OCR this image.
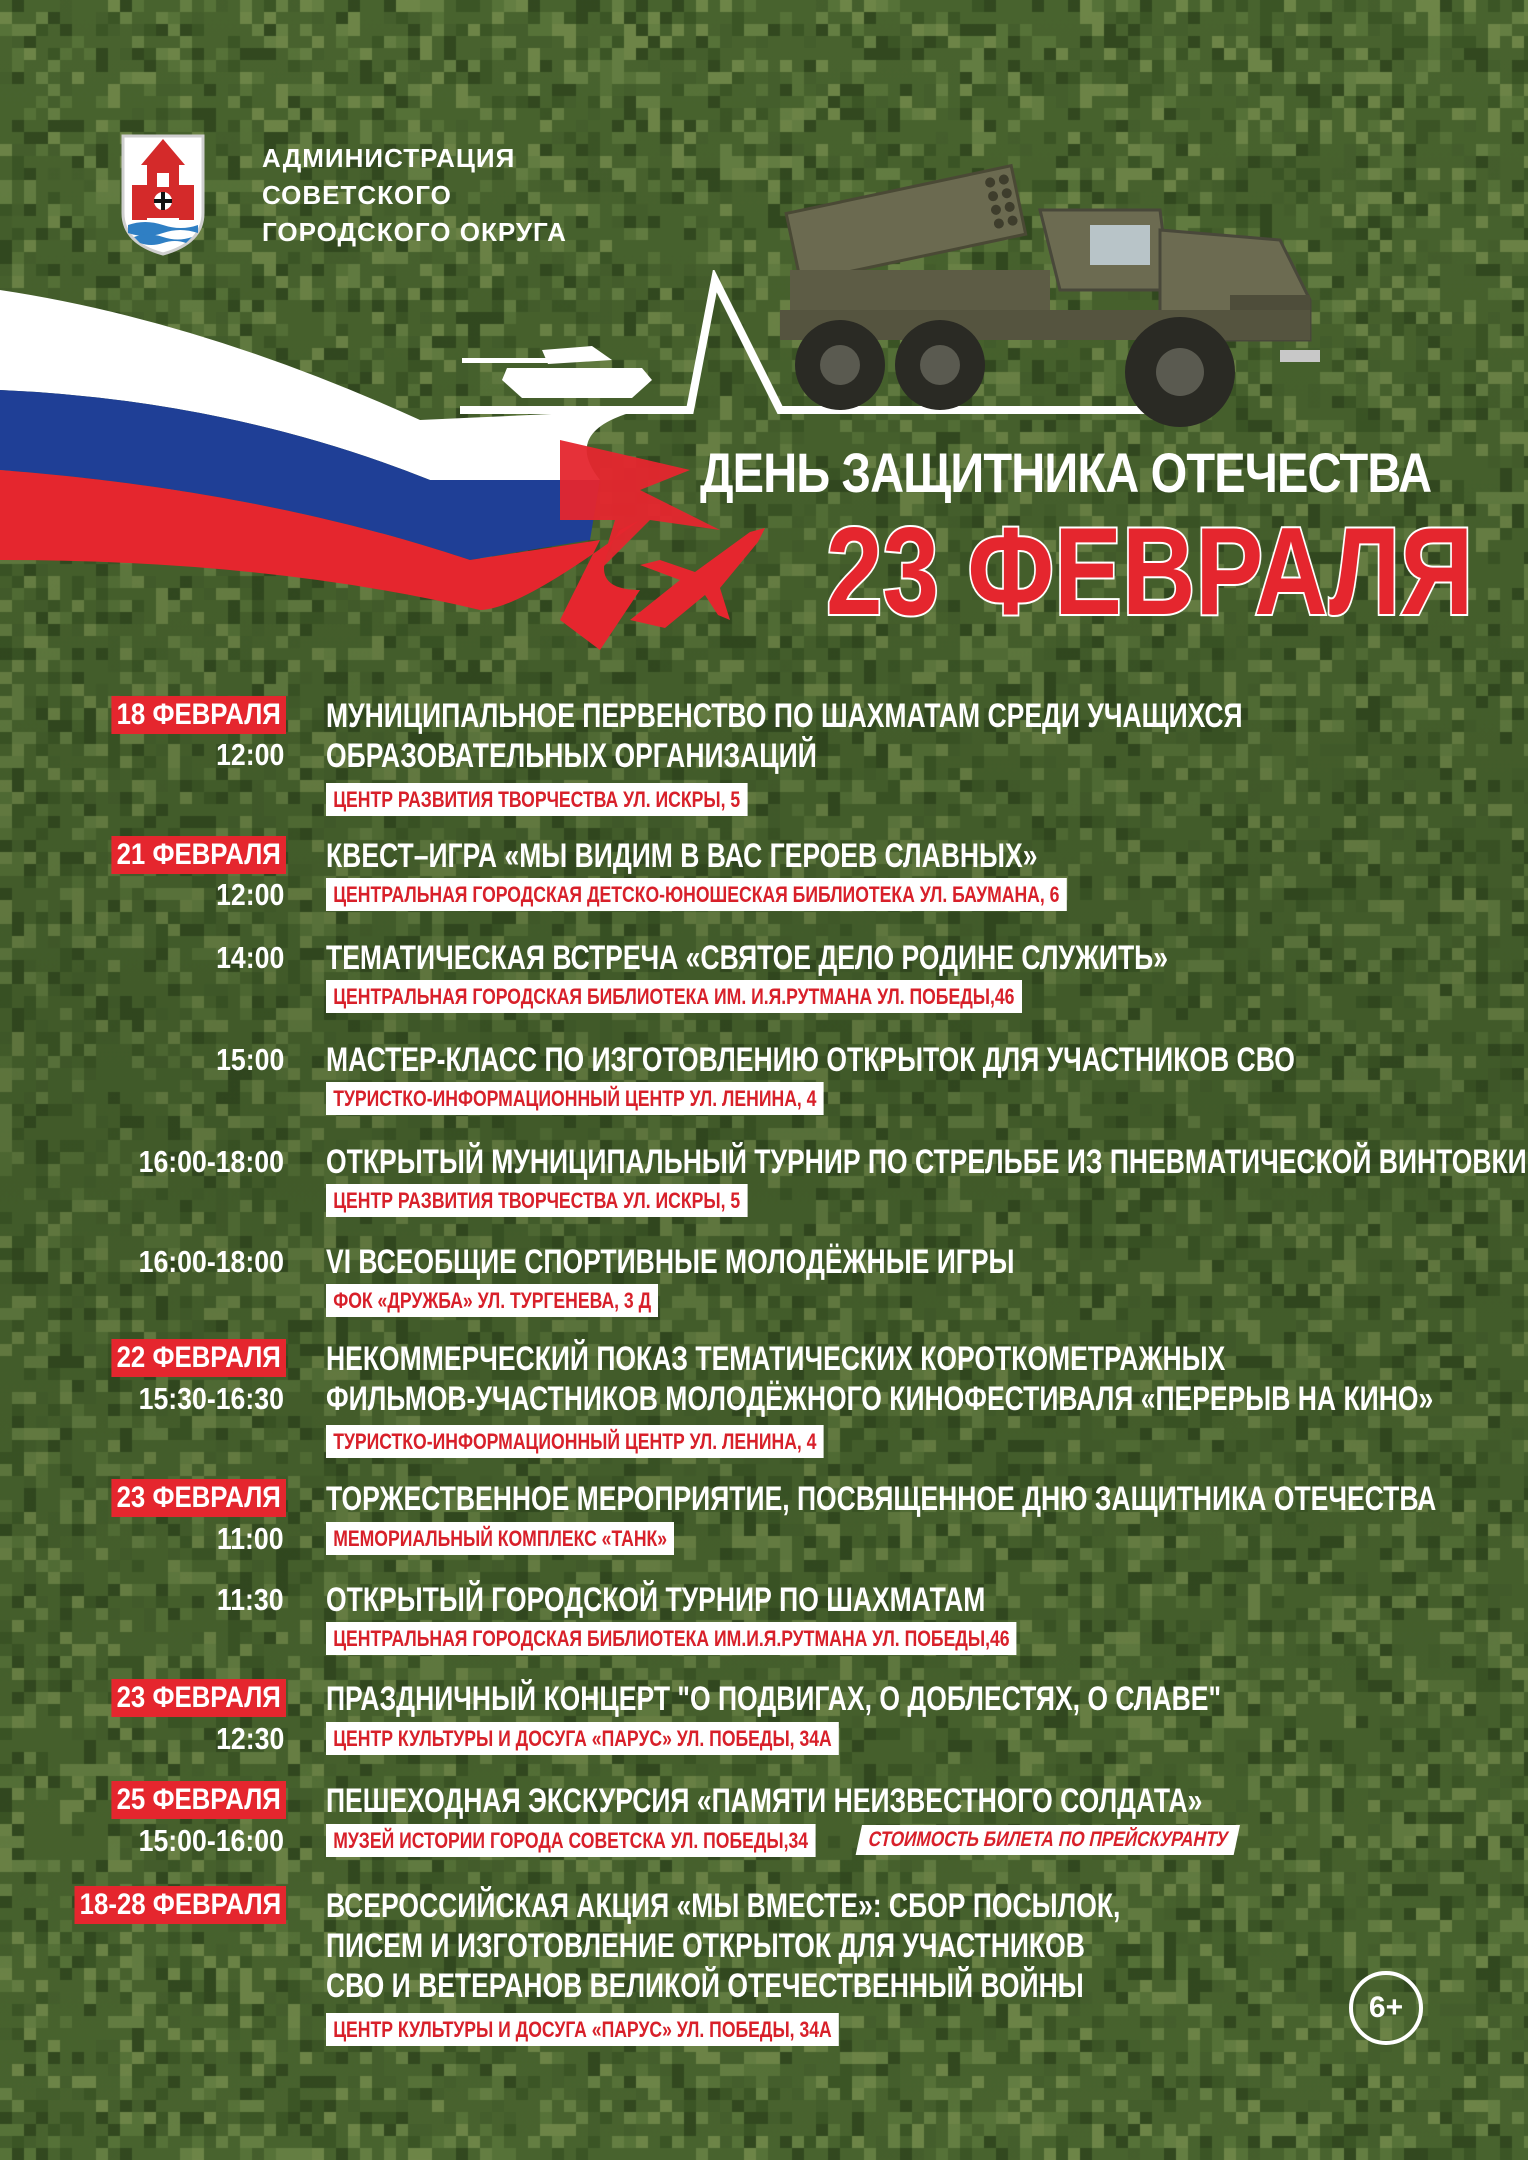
АДМИНИСТРАЦИЯ
СОВЕТСКОГО
ГОРОДСКОГО ОКРУГА
ДЕНЬ ЗАЩИТНИКА ОТЕЧЕСТВА
23 ФЕВРАЛЯ
18 ФЕВРАЛЯ
12:00
МУНИЦИПАЛЬНОЕ ПЕРВЕНСТВО ПО ШАХМАТАМ СРЕДИ УЧАЩИХСЯ
ОБРАЗОВАТЕЛЬНЫХ ОРГАНИЗАЦИЙ
ЦЕНТР РАЗВИТИЯ ТВОРЧЕСТВА УЛ. ИСКРЫ, 5
21 ФЕВРАЛЯ
12:00
КВЕСТ–ИГРА «МЫ ВИДИМ В ВАС ГЕРОЕВ СЛАВНЫХ»
ЦЕНТРАЛЬНАЯ ГОРОДСКАЯ ДЕТСКО-ЮНОШЕСКАЯ БИБЛИОТЕКА УЛ. БАУМАНА, 6
14:00 ТЕМАТИЧЕСКАЯ ВСТРЕЧА «СВЯТОЕ ДЕЛО РОДИНЕ СЛУЖИТЬ»
ЦЕНТРАЛЬНАЯ ГОРОДСКАЯ БИБЛИОТЕКА ИМ. И.Я.РУТМАНА УЛ. ПОБЕДЫ,46
15:00 МАСТЕР-КЛАСС ПО ИЗГОТОВЛЕНИЮ ОТКРЫТОК ДЛЯ УЧАСТНИКОВ СВО
ТУРИСТКО-ИНФОРМАЦИОННЫЙ ЦЕНТР УЛ. ЛЕНИНА, 4
16:00-18:00 ОТКРЫТЫЙ МУНИЦИПАЛЬНЫЙ ТУРНИР ПО СТРЕЛЬБЕ ИЗ ПНЕВМАТИЧЕСКОЙ ВИНТОВКИ
ЦЕНТР РАЗВИТИЯ ТВОРЧЕСТВА УЛ. ИСКРЫ, 5
16:00-18:00 VI ВСЕОБЩИЕ СПОРТИВНЫЕ МОЛОДЁЖНЫЕ ИГРЫ
ФОК «ДРУЖБА» УЛ. ТУРГЕНЕВА, 3 Д
22 ФЕВРАЛЯ
15:30-16:30
НЕКОММЕРЧЕСКИЙ ПОКАЗ ТЕМАТИЧЕСКИХ КОРОТКОМЕТРАЖНЫХ
ФИЛЬМОВ-УЧАСТНИКОВ МОЛОДЁЖНОГО КИНОФЕСТИВАЛЯ «ПЕРЕРЫВ НА КИНО»
ТУРИСТКО-ИНФОРМАЦИОННЫЙ ЦЕНТР УЛ. ЛЕНИНА, 4
23 ФЕВРАЛЯ
11:00
ТОРЖЕСТВЕННОЕ МЕРОПРИЯТИЕ, ПОСВЯЩЕННОЕ ДНЮ ЗАЩИТНИКА ОТЕЧЕСТВА
МЕМОРИАЛЬНЫЙ КОМПЛЕКС «ТАНК»
11:30 ОТКРЫТЫЙ ГОРОДСКОЙ ТУРНИР ПО ШАХМАТАМ
ЦЕНТРАЛЬНАЯ ГОРОДСКАЯ БИБЛИОТЕКА ИМ.И.Я.РУТМАНА УЛ. ПОБЕДЫ,46
23 ФЕВРАЛЯ
12:30
ПРАЗДНИЧНЫЙ КОНЦЕРТ "О ПОДВИГАХ, О ДОБЛЕСТЯХ, О СЛАВЕ"
ЦЕНТР КУЛЬТУРЫ И ДОСУГА «ПАРУС» УЛ. ПОБЕДЫ, 34А
25 ФЕВРАЛЯ
15:00-16:00
ПЕШЕХОДНАЯ ЭКСКУРСИЯ «ПАМЯТИ НЕИЗВЕСТНОГО СОЛДАТА»
МУЗЕЙ ИСТОРИИ ГОРОДА СОВЕТСКА УЛ. ПОБЕДЫ,34	СТОИМОСТЬ БИЛЕТА ПО ПРЕЙСКУРАНТУ
18-28 ФЕВРАЛЯ ВСЕРОССИЙСКАЯ АКЦИЯ «МЫ ВМЕСТЕ»: СБОР ПОСЫЛОК,
ПИСЕМ И ИЗГОТОВЛЕНИЕ ОТКРЫТОК ДЛЯ УЧАСТНИКОВ
СВО И ВЕТЕРАНОВ ВЕЛИКОЙ ОТЕЧЕСТВЕННЫЙ ВОЙНЫ
ЦЕНТР КУЛЬТУРЫ И ДОСУГА «ПАРУС» УЛ. ПОБЕДЫ, 34А
6+
